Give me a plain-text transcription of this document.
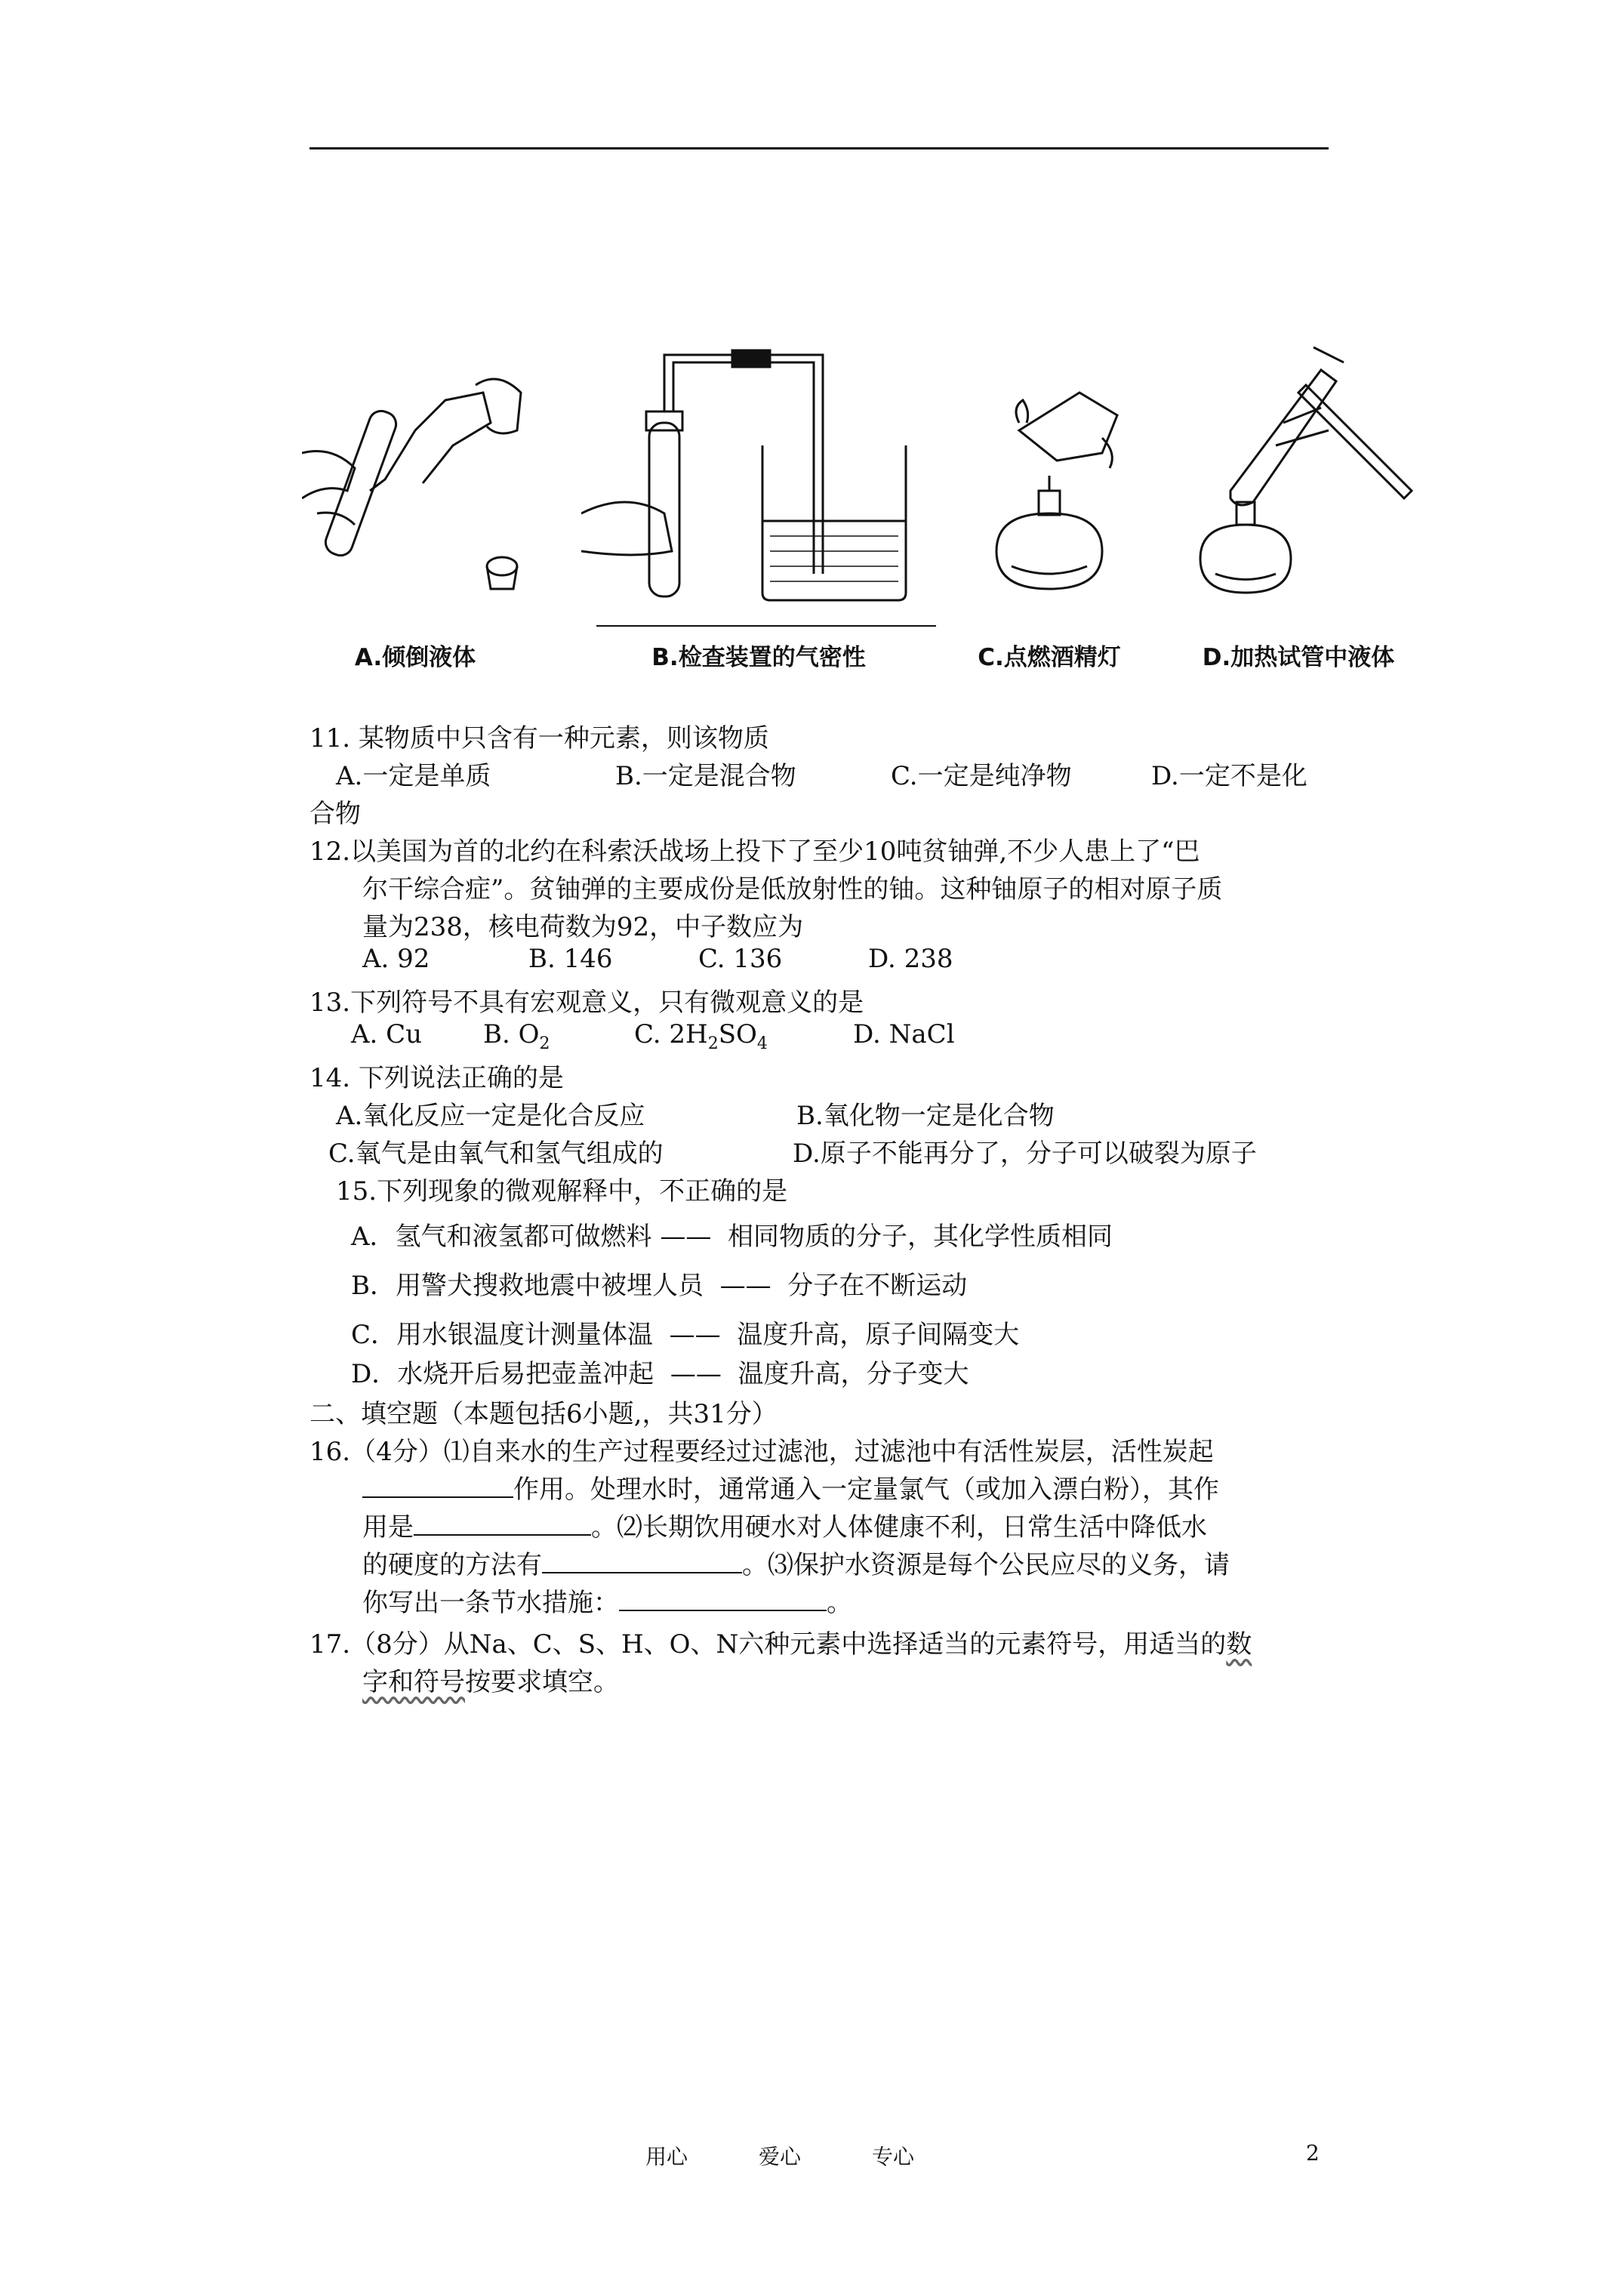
A.倾倒液体	B.检查装置的气密性	C.点燃酒精灯	D.加热试管中液体
11. 某物质中只含有一种元素，则该物质
A.一定是单质	B.一定是混合物	C.一定是纯净物	D.一定不是化
合物
12.以美国为首的北约在科索沃战场上投下了至少10吨贫铀弹,不少人患上了“巴
尔干综合症”。贫铀弹的主要成份是低放射性的铀。这种铀原子的相对原子质
量为238，核电荷数为92，中子数应为
A. 92	B. 146	C. 136	D. 238
13.下列符号不具有宏观意义，只有微观意义的是
A. Cu B. $O_2$	C. $2H_2SO_4$	D. NaCl
14. 下列说法正确的是
A.氧化反应一定是化合反应	B.氧化物一定是化合物
C.氧气是由氧气和氢气组成的	D.原子不能再分了，分子可以破裂为原子
15.下列现象的微观解释中，不正确的是
A．氢气和液氢都可做燃料 ——  相同物质的分子，其化学性质相同
B．用警犬搜救地震中被埋人员  ——  分子在不断运动
C．用水银温度计测量体温  ——  温度升高，原子间隔变大
D．水烧开后易把壶盖冲起  ——  温度升高，分子变大
二、填空题（本题包括6小题,，共31分）
16.（4分）⑴自来水的生产过程要经过过滤池，过滤池中有活性炭层，活性炭起
作用。处理水时，通常通入一定量氯气（或加入漂白粉），其作
用是	。⑵长期饮用硬水对人体健康不利，日常生活中降低水
的硬度的方法有	。⑶保护水资源是每个公民应尽的义务，请
你写出一条节水措施：	。
17.（8分）从Na、C、S、H、O、N六种元素中选择适当的元素符号，用适当的数
字和符号按要求填空。
用心	爱心	专心	2
